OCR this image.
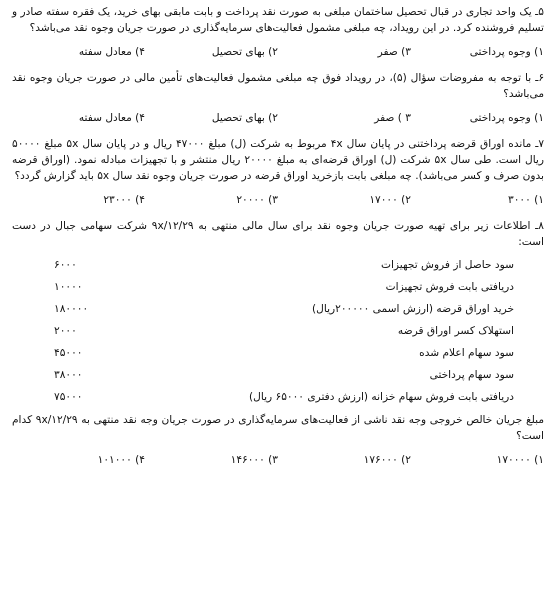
۵ـ یک واحد تجاری در قبال تحصیل ساختمان مبلغی به صورت نقد پرداخت و بابت مابقی بهای خرید، یک فقره سفته صادر و تسلیم فروشنده کرد. در این رویداد، چه مبلغی مشمول فعالیت‌های سرمایه‌گذاری در صورت جریان وجوه نقد می‌باشد؟

۱) وجوه پرداختی
۳) صفر
۲) بهای تحصیل
۴) معادل سفته

۶ـ با توجه به مفروضات سؤال (۵)، در رویداد فوق چه مبلغی مشمول فعالیت‌های تأمین مالی در صورت جریان وجوه نقد می‌باشد؟

۱) وجوه پرداختی
۳ ) صفر
۲) بهای تحصیل
۴) معادل سفته

۷ـ مانده اوراق قرضه پرداختنی در پایان سال ۴x مربوط به شرکت (ل) مبلغ ۴۷۰۰۰ ریال و در پایان سال ۵x مبلغ ۵۰۰۰۰ ریال است. طی سال ۵x شرکت (ل) اوراق قرضه‌ای به مبلغ ۲۰۰۰۰ ریال منتشر و با تجهیزات مبادله نمود. (اوراق قرضه بدون صرف و کسر می‌باشد). چه مبلغی بابت بازخرید اوراق قرضه در صورت جریان وجوه نقد سال ۵x باید گزارش گردد؟

۱) ۳۰۰۰
۲) ۱۷۰۰۰
۳) ۲۰۰۰۰
۴) ۲۳۰۰۰

۸ـ اطلاعات زیر برای تهیه صورت جریان وجوه نقد برای سال مالی منتهی به ۹x/۱۲/۲۹ شرکت سهامی جبال در دست است:

سود حاصل از فروش تجهیزات
۶۰۰۰
دریافتی بابت فروش تجهیزات
۱۰۰۰۰
خرید اوراق قرضه (ارزش اسمی ۲۰۰۰۰۰ریال)
۱۸۰۰۰۰
استهلاک کسر اوراق قرضه
۲۰۰۰
سود سهام اعلام شده
۴۵۰۰۰
سود سهام پرداختی
۳۸۰۰۰
دریافتی بابت فروش سهام خزانه (ارزش دفتری ۶۵۰۰۰ ریال)
۷۵۰۰۰

مبلغ جریان خالص خروجی وجه نقد ناشی از فعالیت‌های سرمایه‌گذاری در صورت جریان وجه نقد منتهی به ۹x/۱۲/۲۹ کدام است؟

۱) ۱۷۰۰۰۰
۲) ۱۷۶۰۰۰
۳) ۱۴۶۰۰۰
۴) ۱۰۱۰۰۰
